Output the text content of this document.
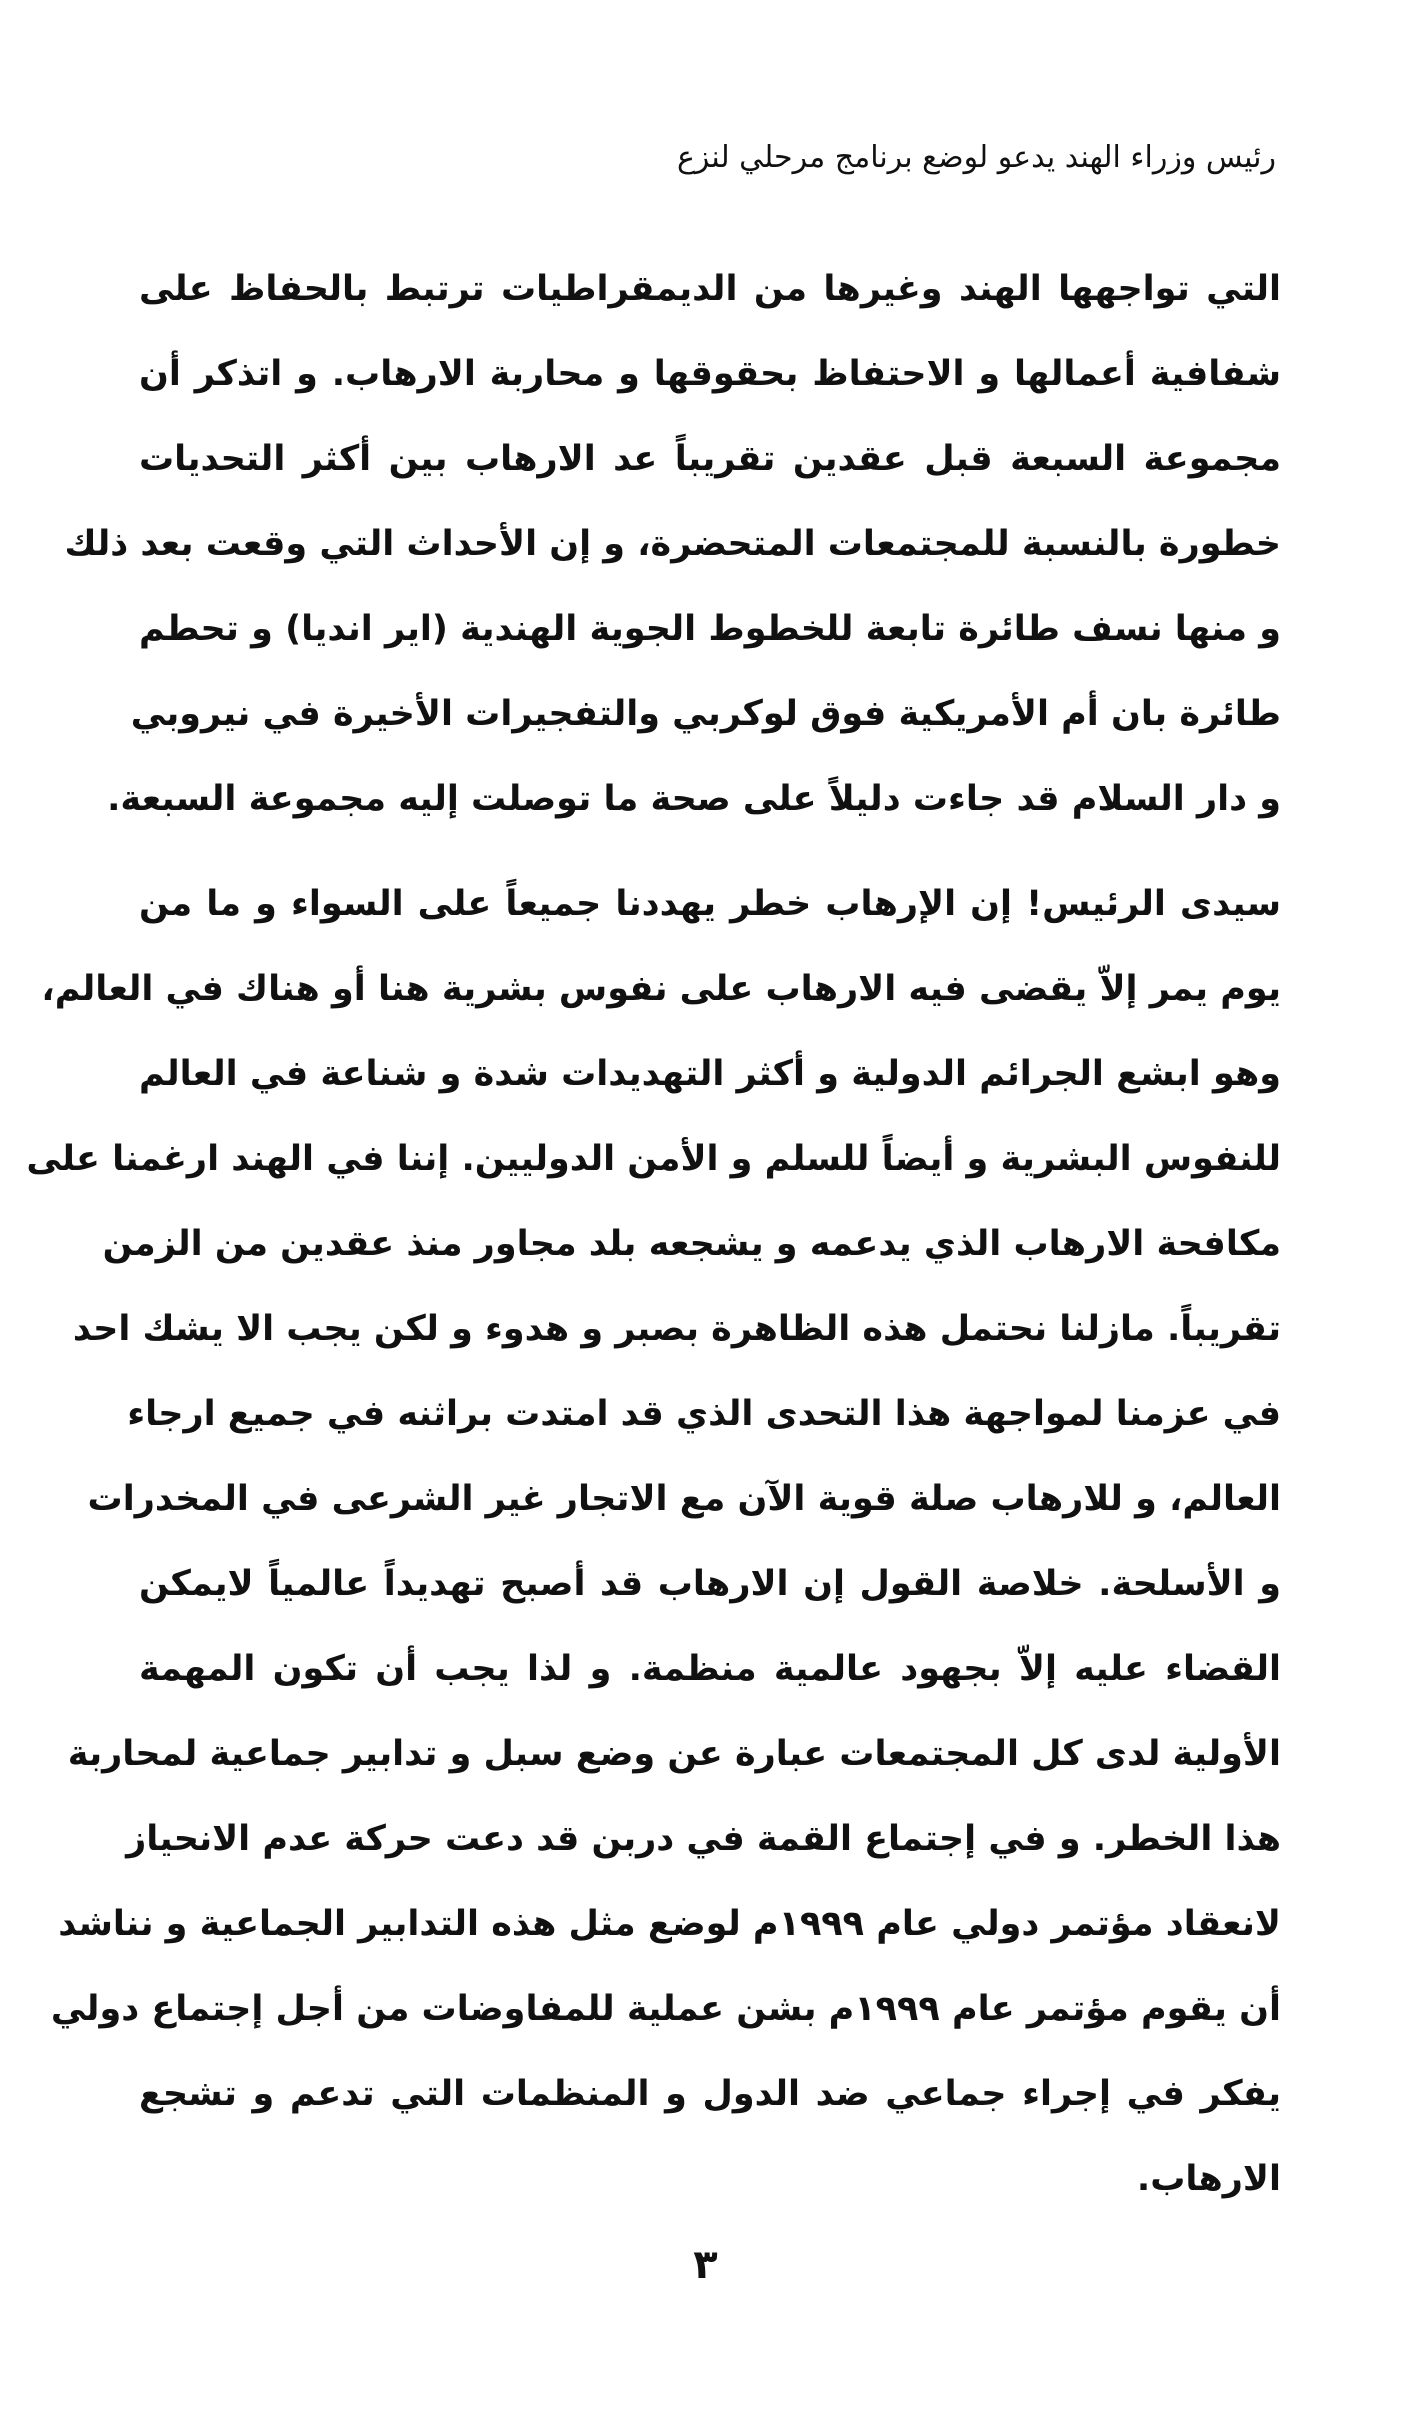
رئيس وزراء الهند يدعو لوضع برنامج مرحلي لنزع
التي تواجهها الهند وغيرها من الديمقراطيات ترتبط بالحفاظ على
شفافية أعمالها و الاحتفاظ بحقوقها و محاربة الارهاب. و اتذكر أن
مجموعة السبعة قبل عقدين تقريباً عد الارهاب بين أكثر التحديات
خطورة بالنسبة للمجتمعات المتحضرة، و إن الأحداث التي وقعت بعد ذلك
و منها نسف طائرة تابعة للخطوط الجوية الهندية (اير انديا) و تحطم
طائرة بان أم الأمريكية فوق لوكربي والتفجيرات الأخيرة في نيروبي
و دار السلام قد جاءت دليلاً على صحة ما توصلت إليه مجموعة السبعة.
سيدى الرئيس! إن الإرهاب خطر يهددنا جميعاً على السواء و ما من
يوم يمر إلاّ يقضى فيه الارهاب على نفوس بشرية هنا أو هناك في العالم،
وهو ابشع الجرائم الدولية و أكثر التهديدات شدة و شناعة في العالم
للنفوس البشرية و أيضاً للسلم و الأمن الدوليين. إننا في الهند ارغمنا على
مكافحة الارهاب الذي يدعمه و يشجعه بلد مجاور منذ عقدين من الزمن
تقريباً. مازلنا نحتمل هذه الظاهرة بصبر و هدوء و لكن يجب الا يشك احد
في عزمنا لمواجهة هذا التحدى الذي قد امتدت براثنه في جميع ارجاء
العالم، و للارهاب صلة قوية الآن مع الاتجار غير الشرعى في المخدرات
و الأسلحة. خلاصة القول إن الارهاب قد أصبح تهديداً عالمياً لايمكن
القضاء عليه إلاّ بجهود عالمية منظمة. و لذا يجب أن تكون المهمة
الأولية لدى كل المجتمعات عبارة عن وضع سبل و تدابير جماعية لمحاربة
هذا الخطر. و في إجتماع القمة في دربن قد دعت حركة عدم الانحياز
لانعقاد مؤتمر دولي عام ١٩٩٩م لوضع مثل هذه التدابير الجماعية و نناشد
أن يقوم مؤتمر عام ١٩٩٩م بشن عملية للمفاوضات من أجل إجتماع دولي
يفكر في إجراء جماعي ضد الدول و المنظمات التي تدعم و تشجع
الارهاب.
٣
